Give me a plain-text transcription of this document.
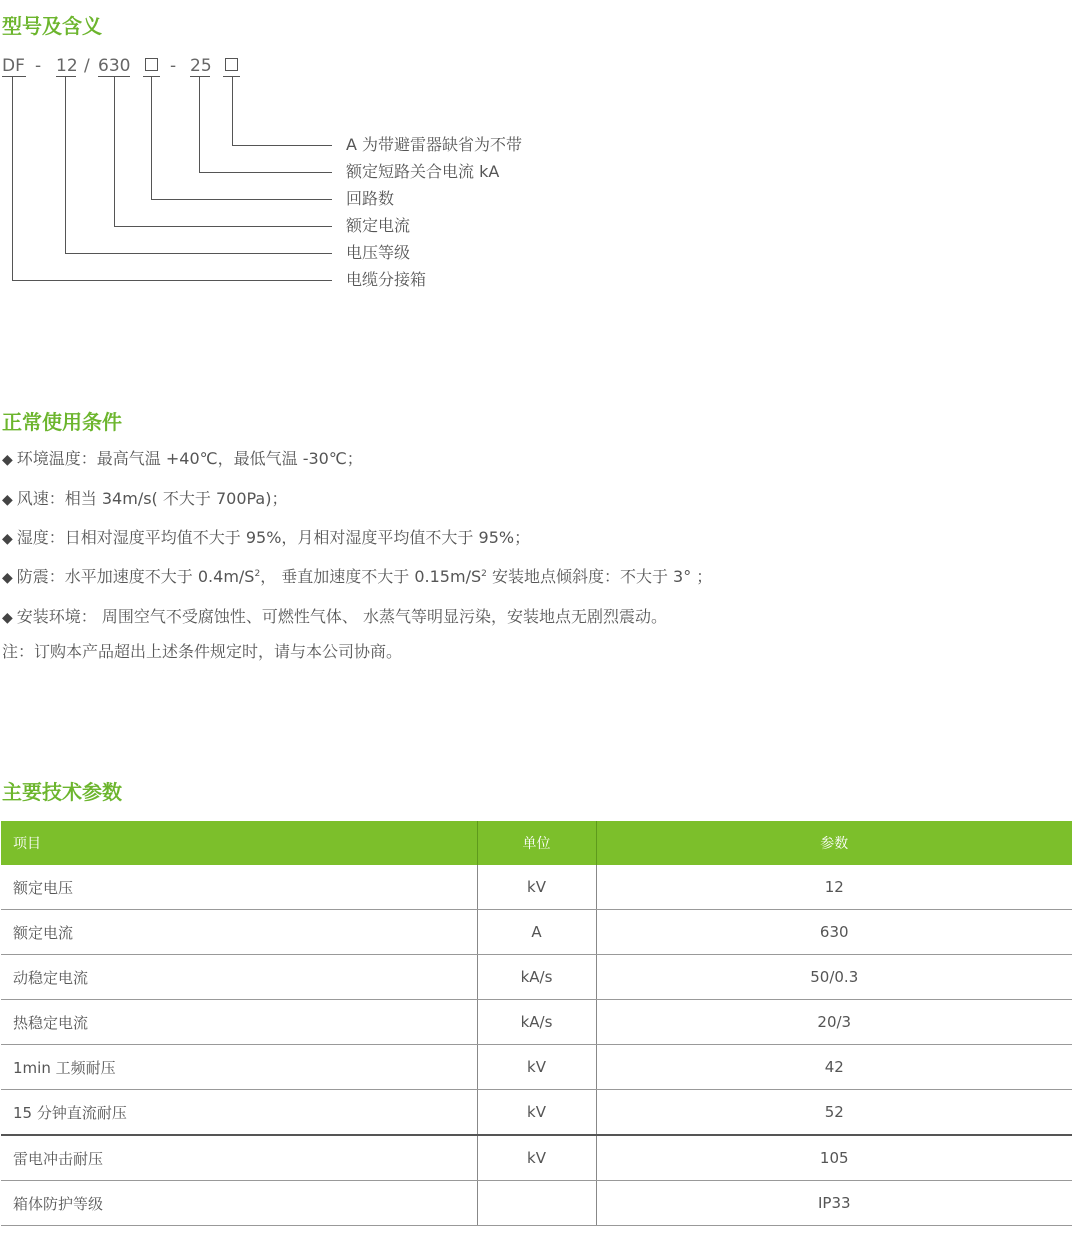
型号及含义
DF - 12 / 630 - 25
A 为带避雷器缺省为不带
额定短路关合电流 kA
回路数
额定电流
电压等级
电缆分接箱
正常使用条件
◆ 环境温度：最高气温 +40℃，最低气温 -30℃；
◆ 风速：相当 34m/s( 不大于 700Pa)；
◆ 湿度：日相对湿度平均值不大于 95%，月相对湿度平均值不大于 95%；
◆ 防震：水平加速度不大于 $0.4m/S^2$， 垂直加速度不大于 $0.15m/S^2$ 安装地点倾斜度：不大于 3° ；
◆ 安装环境： 周围空气不受腐蚀性、可燃性气体、 水蒸气等明显污染，安装地点无剧烈震动。
注：订购本产品超出上述条件规定时，请与本公司协商。
主要技术参数
项目	单位	参数
额定电压	kV	12
额定电流	A	630
动稳定电流	kA/s	50/0.3
热稳定电流	kA/s	20/3
1min 工频耐压	kV	42
15 分钟直流耐压	kV	52
雷电冲击耐压	kV	105
箱体防护等级		IP33
